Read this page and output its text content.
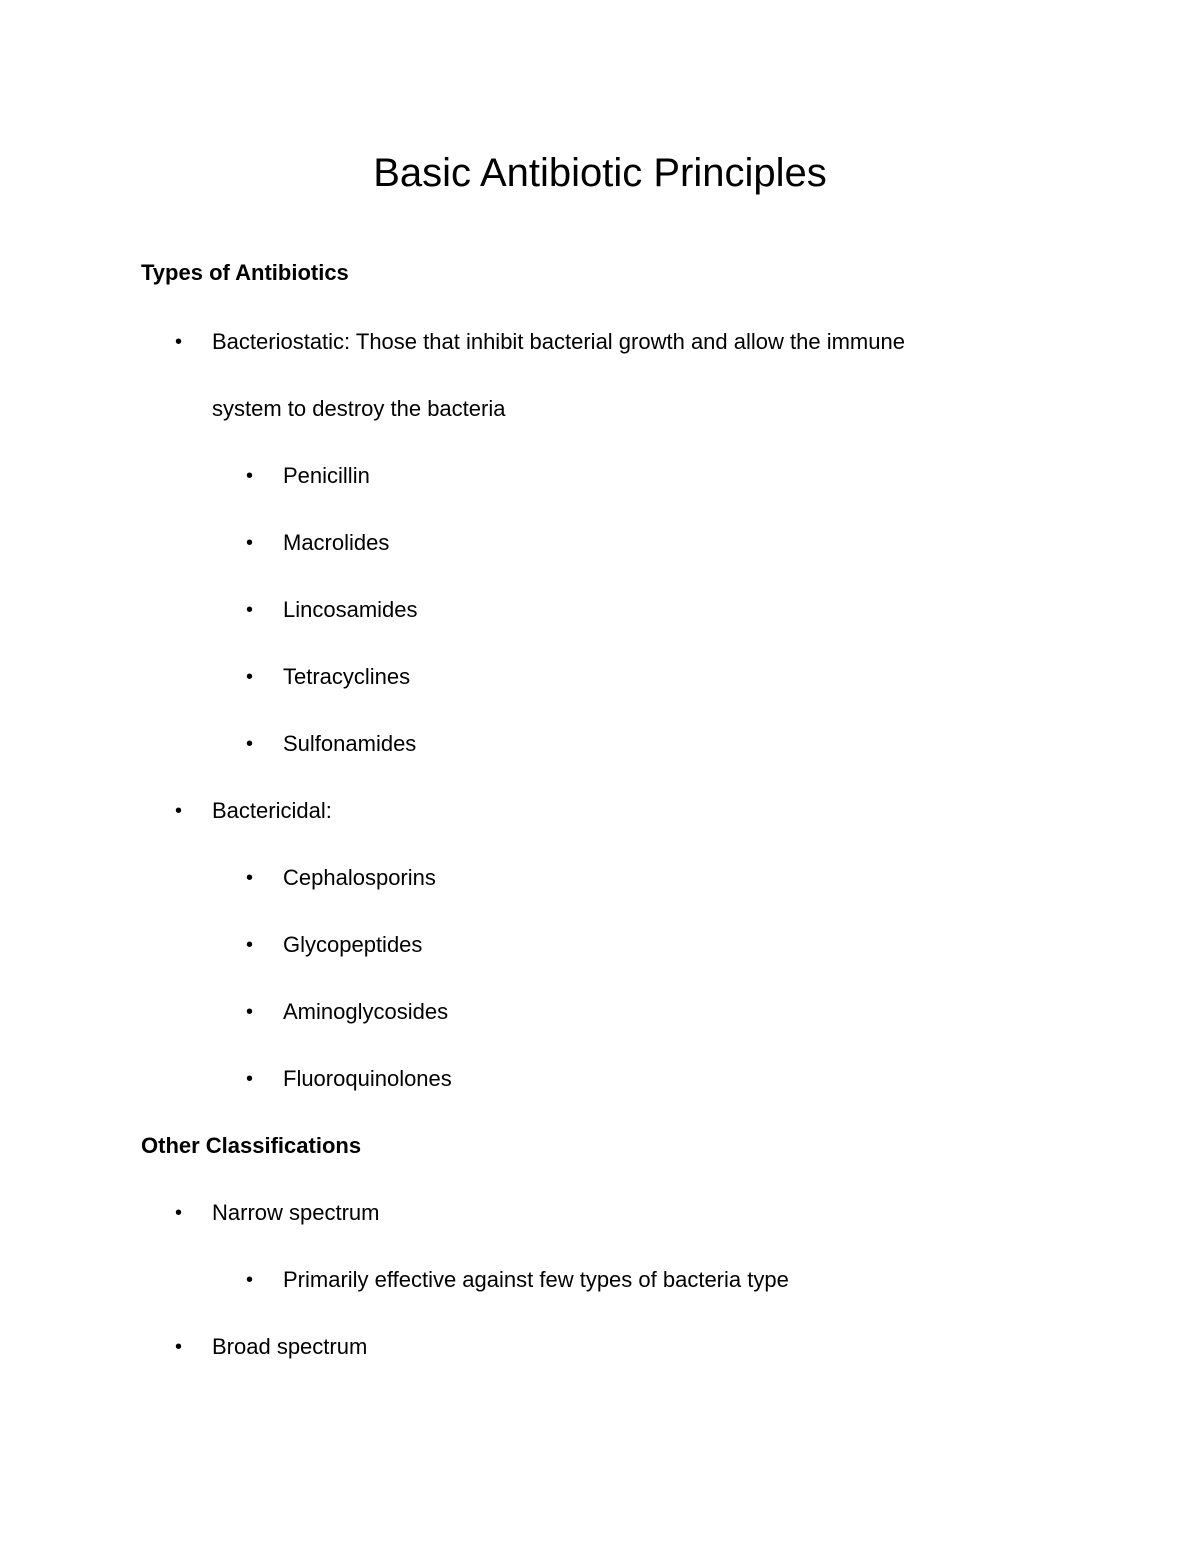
Basic Antibiotic Principles
Types of Antibiotics
• Bacteriostatic: Those that inhibit bacterial growth and allow the immune
system to destroy the bacteria
• Penicillin
• Macrolides
• Lincosamides
• Tetracyclines
• Sulfonamides
• Bactericidal:
• Cephalosporins
• Glycopeptides
• Aminoglycosides
• Fluoroquinolones
Other Classifications
• Narrow spectrum
• Primarily effective against few types of bacteria type
• Broad spectrum
